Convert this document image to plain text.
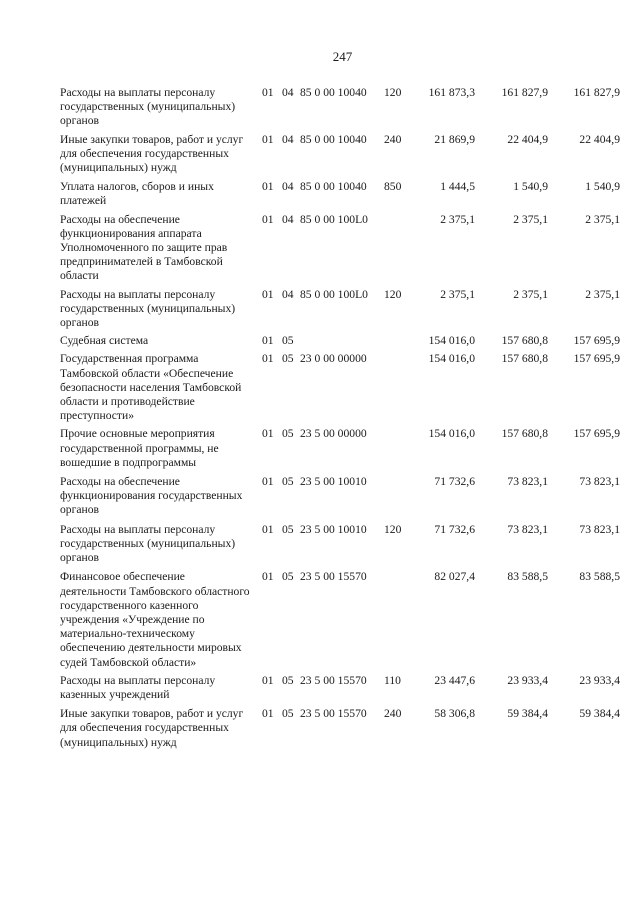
247
Расходы на выплаты персоналу государственных (муниципальных) органов	01	04	85 0 00 10040	120	161 873,3	161 827,9	161 827,9
Иные закупки товаров, работ и услуг для обеспечения государственных (муниципальных) нужд	01	04	85 0 00 10040	240	21 869,9	22 404,9	22 404,9
Уплата налогов, сборов и иных платежей	01	04	85 0 00 10040	850	1 444,5	1 540,9	1 540,9
Расходы на обеспечение функционирования аппарата Уполномоченного по защите прав предпринимателей в Тамбовской области	01	04	85 0 00 100L0		2 375,1	2 375,1	2 375,1
Расходы на выплаты персоналу государственных (муниципальных) органов	01	04	85 0 00 100L0	120	2 375,1	2 375,1	2 375,1
Судебная система	01	05			154 016,0	157 680,8	157 695,9
Государственная программа Тамбовской области «Обеспечение безопасности населения Тамбовской области и противодействие преступности»	01	05	23 0 00 00000		154 016,0	157 680,8	157 695,9
Прочие основные мероприятия государственной программы, не вошедшие в подпрограммы	01	05	23 5 00 00000		154 016,0	157 680,8	157 695,9
Расходы на обеспечение функционирования государственных органов	01	05	23 5 00 10010		71 732,6	73 823,1	73 823,1
Расходы на выплаты персоналу государственных (муниципальных) органов	01	05	23 5 00 10010	120	71 732,6	73 823,1	73 823,1
Финансовое обеспечение деятельности Тамбовского областного государственного казенного учреждения «Учреждение по материально-техническому обеспечению деятельности мировых судей Тамбовской области»	01	05	23 5 00 15570		82 027,4	83 588,5	83 588,5
Расходы на выплаты персоналу казенных учреждений	01	05	23 5 00 15570	110	23 447,6	23 933,4	23 933,4
Иные закупки товаров, работ и услуг для обеспечения государственных (муниципальных) нужд	01	05	23 5 00 15570	240	58 306,8	59 384,4	59 384,4
